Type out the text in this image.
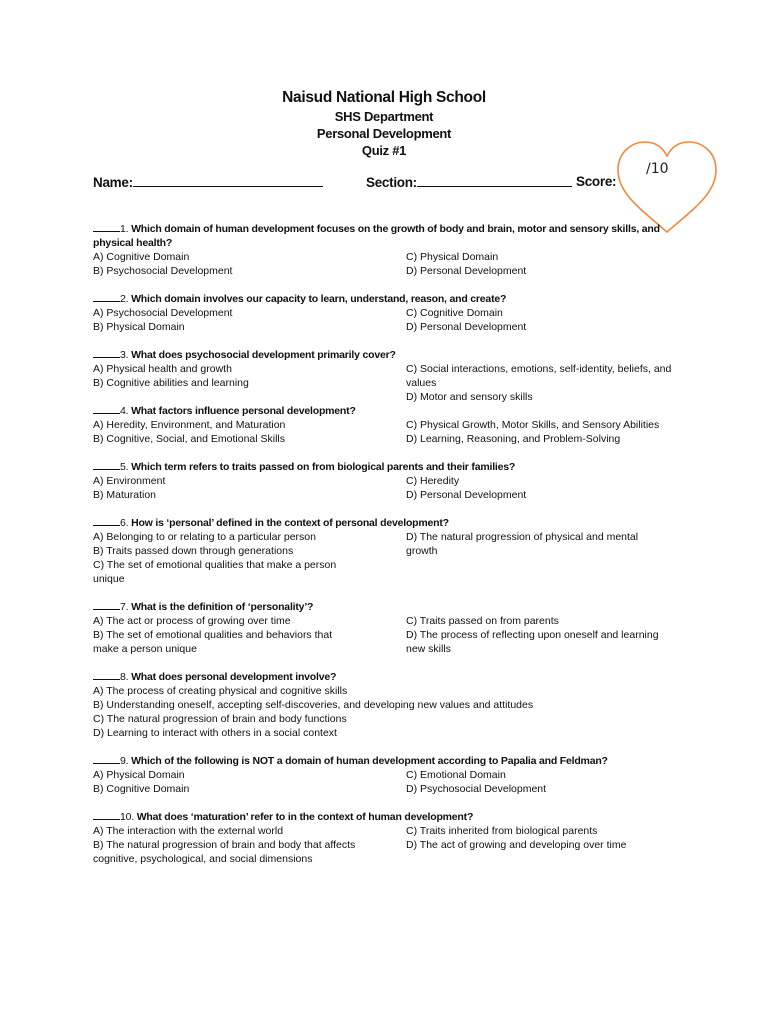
Naisud National High School
SHS Department
Personal Development
Quiz #1
/10
Name:	Section:	Score:
1. Which domain of human development focuses on the growth of body and brain, motor and sensory skills, and physical health?
A) Cognitive Domain
B) Psychosocial Development
C) Physical Domain
D) Personal Development
2. Which domain involves our capacity to learn, understand, reason, and create?
A) Psychosocial Development
B) Physical Domain
C) Cognitive Domain
D) Personal Development
3. What does psychosocial development primarily cover?
A) Physical health and growth
B) Cognitive abilities and learning
C) Social interactions, emotions, self-identity, beliefs, and values
D) Motor and sensory skills
4. What factors influence personal development?
A) Heredity, Environment, and Maturation
B) Cognitive, Social, and Emotional Skills
C) Physical Growth, Motor Skills, and Sensory Abilities
D) Learning, Reasoning, and Problem-Solving
5. Which term refers to traits passed on from biological parents and their families?
A) Environment
B) Maturation
C) Heredity
D) Personal Development
6. How is ‘personal’ defined in the context of personal development?
A) Belonging to or relating to a particular person
B) Traits passed down through generations
C) The set of emotional qualities that make a person unique
D) The natural progression of physical and mental growth
7. What is the definition of ‘personality’?
A) The act or process of growing over time
B) The set of emotional qualities and behaviors that make a person unique
C) Traits passed on from parents
D) The process of reflecting upon oneself and learning new skills
8. What does personal development involve?
A) The process of creating physical and cognitive skills
B) Understanding oneself, accepting self-discoveries, and developing new values and attitudes
C) The natural progression of brain and body functions
D) Learning to interact with others in a social context
9. Which of the following is NOT a domain of human development according to Papalia and Feldman?
A) Physical Domain
B) Cognitive Domain
C) Emotional Domain
D) Psychosocial Development
10. What does ‘maturation’ refer to in the context of human development?
A) The interaction with the external world
B) The natural progression of brain and body that affects cognitive, psychological, and social dimensions
C) Traits inherited from biological parents
D) The act of growing and developing over time
